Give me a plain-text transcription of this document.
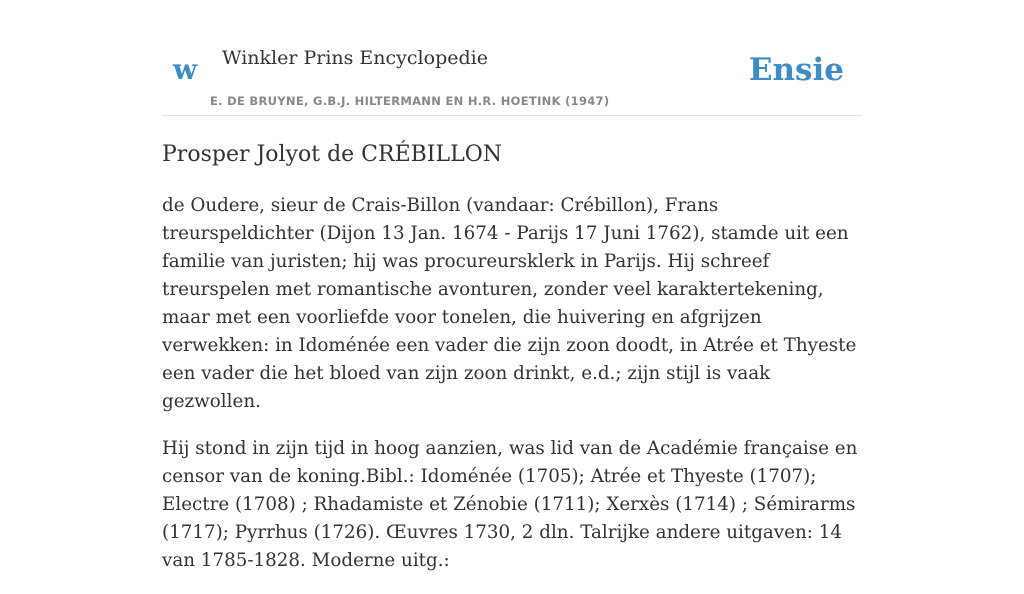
w Winkler Prins Encyclopedie
E. DE BRUYNE, G.B.J. HILTERMANN EN H.R. HOETINK (1947)
Ensie
Prosper Jolyot de CRÉBILLON

de Oudere, sieur de Crais-Billon (vandaar: Crébillon), Frans treurspeldichter (Dijon 13 Jan. 1674 - Parijs 17 Juni 1762), stamde uit een familie van juristen; hij was procureursklerk in Parijs. Hij schreef treurspelen met romantische avonturen, zonder veel karaktertekening, maar met een voorliefde voor tonelen, die huivering en afgrijzen verwekken: in Idoménée een vader die zijn zoon doodt, in Atrée et Thyeste een vader die het bloed van zijn zoon drinkt, e.d.; zijn stijl is vaak gezwollen.

Hij stond in zijn tijd in hoog aanzien, was lid van de Académie française en censor van de koning.Bibl.: Idoménée (1705); Atrée et Thyeste (1707); Electre (1708) ; Rhadamiste et Zénobie (1711); Xerxès (1714) ; Sémirarms (1717); Pyrrhus (1726). Œuvres 1730, 2 dln. Talrijke andere uitgaven: 14 van 1785-1828. Moderne uitg.:
